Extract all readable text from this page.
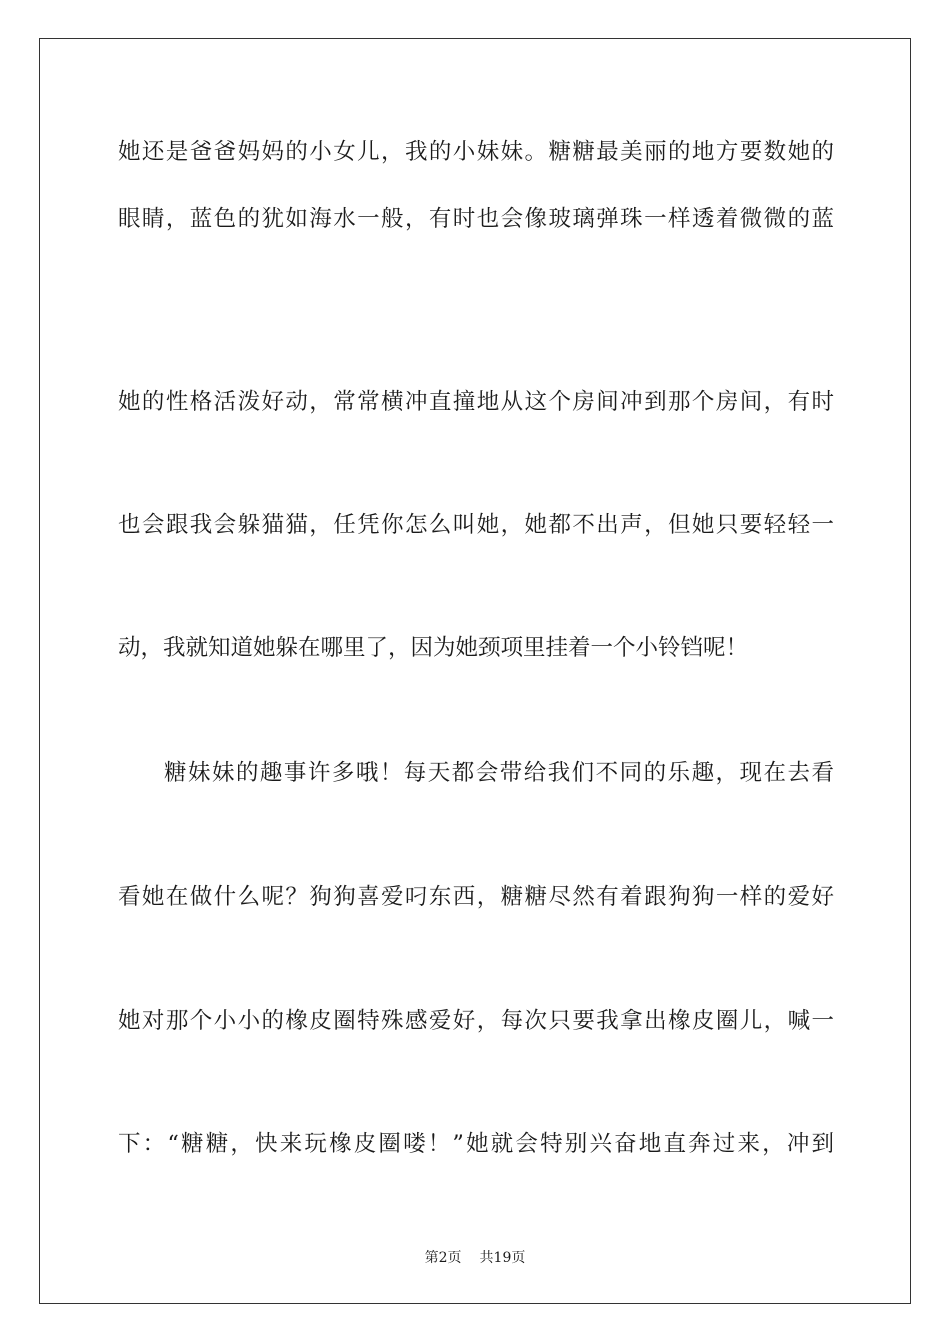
她还是爸爸妈妈的小女儿，我的小妹妹。糖糖最美丽的地方要数她的
眼睛，蓝色的犹如海水一般，有时也会像玻璃弹珠一样透着微微的蓝
她的性格活泼好动，常常横冲直撞地从这个房间冲到那个房间，有时
也会跟我会躲猫猫，任凭你怎么叫她，她都不出声，但她只要轻轻一
动，我就知道她躲在哪里了，因为她颈项里挂着一个小铃铛呢！
糖妹妹的趣事许多哦！每天都会带给我们不同的乐趣，现在去看
看她在做什么呢？狗狗喜爱叼东西，糖糖尽然有着跟狗狗一样的爱好
她对那个小小的橡皮圈特殊感爱好，每次只要我拿出橡皮圈儿，喊一
下：“糖糖，快来玩橡皮圈喽！”她就会特别兴奋地直奔过来，冲到
第2页 共19页
